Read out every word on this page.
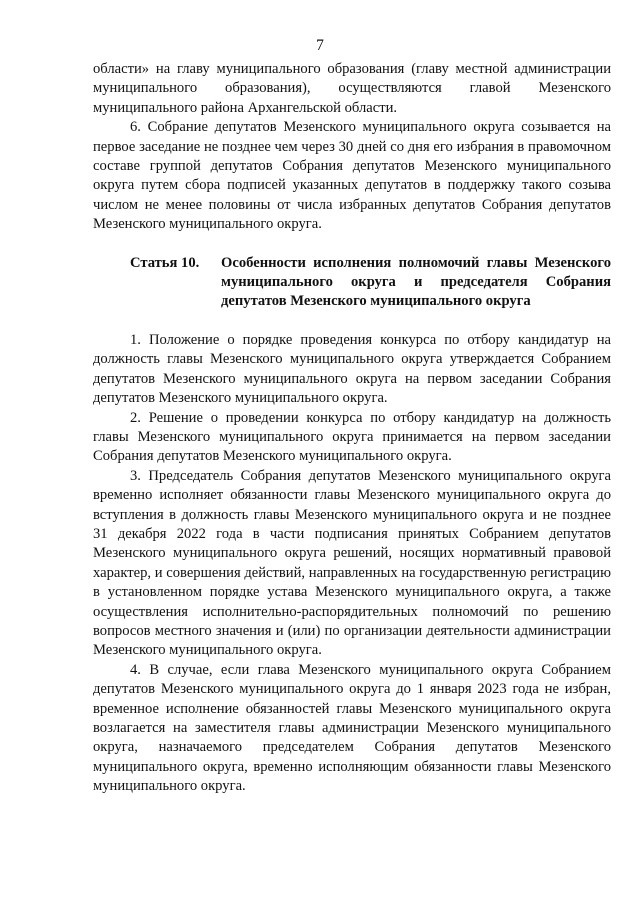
7

области» на главу муниципального образования (главу местной администрации муниципального образования), осуществляются главой Мезенского муниципального района Архангельской области.

6. Собрание депутатов Мезенского муниципального округа созывается на первое заседание не позднее чем через 30 дней со дня его избрания в правомочном составе группой депутатов Собрания депутатов Мезенского муниципального округа путем сбора подписей указанных депутатов в поддержку такого созыва числом не менее половины от числа избранных депутатов Собрания депутатов Мезенского муниципального округа.

Статья 10.	Особенности исполнения полномочий главы Мезенского муниципального округа и председателя Собрания депутатов Мезенского муниципального округа

1. Положение о порядке проведения конкурса по отбору кандидатур на должность главы Мезенского муниципального округа утверждается Собранием депутатов Мезенского муниципального округа на первом заседании Собрания депутатов Мезенского муниципального округа.

2. Решение о проведении конкурса по отбору кандидатур на должность главы Мезенского муниципального округа принимается на первом заседании Собрания депутатов Мезенского муниципального округа.

3. Председатель Собрания депутатов Мезенского муниципального округа временно исполняет обязанности главы Мезенского муниципального округа до вступления в должность главы Мезенского муниципального округа и не позднее 31 декабря 2022 года в части подписания принятых Собранием депутатов Мезенского муниципального округа решений, носящих нормативный правовой характер, и совершения действий, направленных на государственную регистрацию в установленном порядке устава Мезенского муниципального округа, а также осуществления исполнительно-распорядительных полномочий по решению вопросов местного значения и (или) по организации деятельности администрации Мезенского муниципального округа.

4. В случае, если глава Мезенского муниципального округа Собранием депутатов Мезенского муниципального округа до 1 января 2023 года не избран, временное исполнение обязанностей главы Мезенского муниципального округа возлагается на заместителя главы администрации Мезенского муниципального округа, назначаемого председателем Собрания депутатов Мезенского муниципального округа, временно исполняющим обязанности главы Мезенского муниципального округа.
